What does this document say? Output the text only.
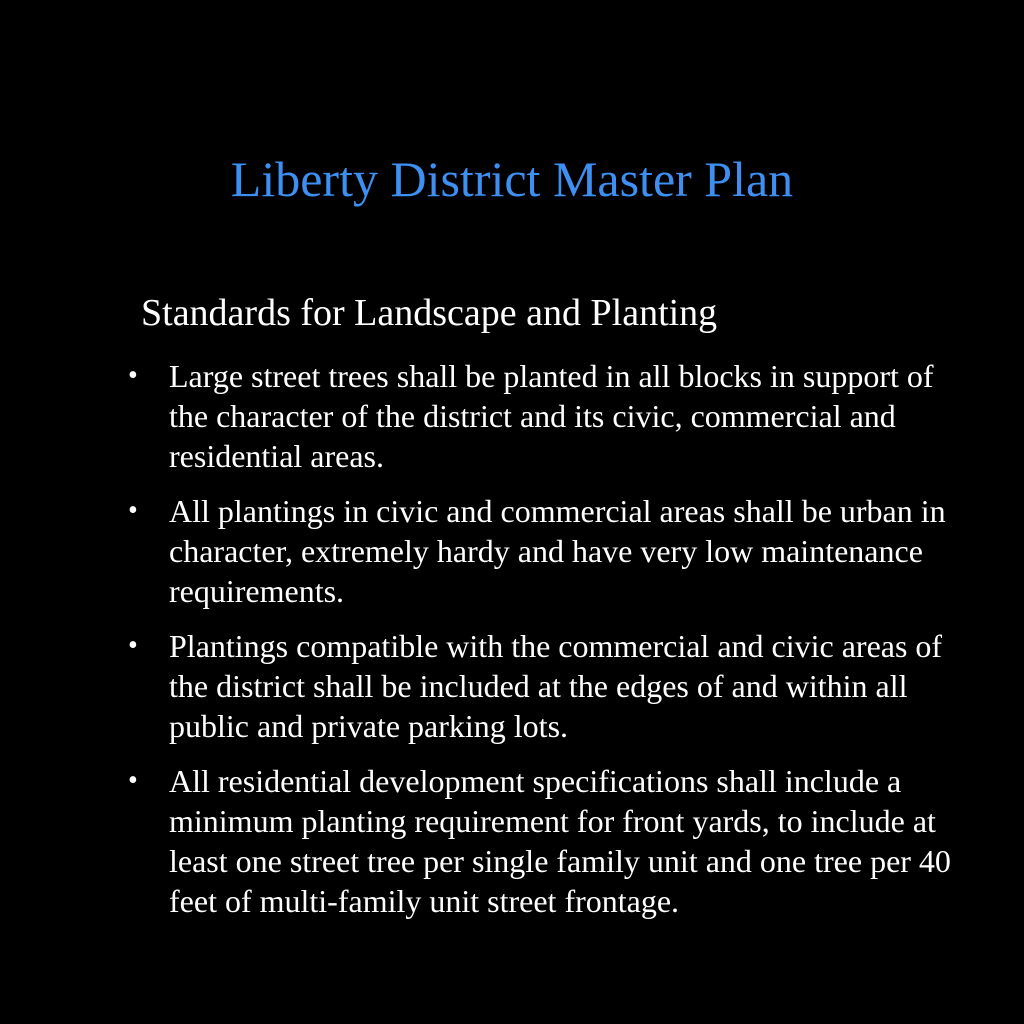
Liberty District Master Plan

Standards for Landscape and Planting

• Large street trees shall be planted in all blocks in support of the character of the district and its civic, commercial and residential areas.
• All plantings in civic and commercial areas shall be urban in character, extremely hardy and have very low maintenance requirements.
• Plantings compatible with the commercial and civic areas of the district shall be included at the edges of and within all public and private parking lots.
• All residential development specifications shall include a minimum planting requirement for front yards, to include at least one street tree per single family unit and one tree per 40 feet of multi-family unit street frontage.
